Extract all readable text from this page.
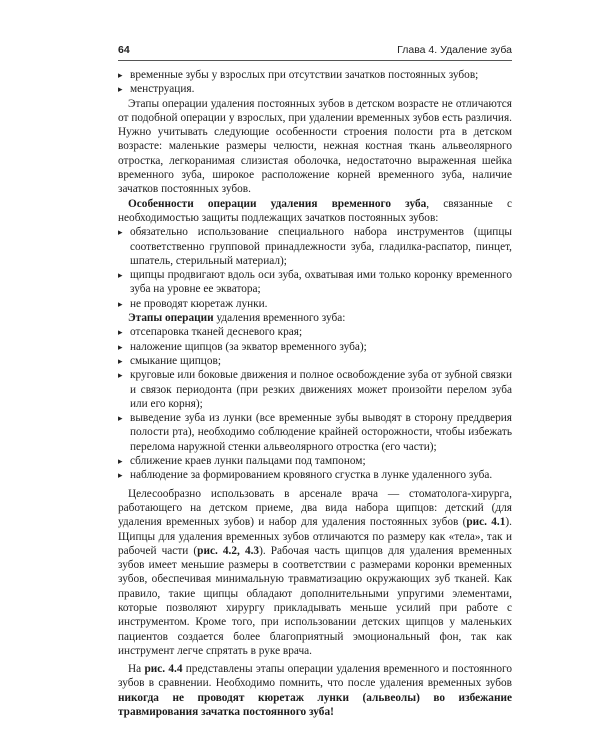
64	Глава 4. Удаление зуба
▸ временные зубы у взрослых при отсутствии зачатков постоянных зубов;
▸ менструация.

Этапы операции удаления постоянных зубов в детском возрасте не отличаются от подобной операции у взрослых, при удалении временных зубов есть различия. Нужно учитывать следующие особенности строения полости рта в детском возрасте: маленькие размеры челюсти, нежная костная ткань альвеолярного отростка, легкоранимая слизистая оболочка, недостаточно выраженная шейка временного зуба, широкое расположение корней временного зуба, наличие зачатков постоянных зубов.

Особенности операции удаления временного зуба, связанные с необходимостью защиты подлежащих зачатков постоянных зубов:

▸ обязательно использование специального набора инструментов (щипцы соответственно групповой принадлежности зуба, гладилка-распатор, пинцет, шпатель, стерильный материал);
▸ щипцы продвигают вдоль оси зуба, охватывая ими только коронку временного зуба на уровне ее экватора;
▸ не проводят кюретаж лунки.

Этапы операции удаления временного зуба:

▸ отсепаровка тканей десневого края;
▸ наложение щипцов (за экватор временного зуба);
▸ смыкание щипцов;
▸ круговые или боковые движения и полное освобождение зуба от зубной связки и связок периодонта (при резких движениях может произойти перелом зуба или его корня);
▸ выведение зуба из лунки (все временные зубы выводят в сторону преддверия полости рта), необходимо соблюдение крайней осторожности, чтобы избежать перелома наружной стенки альвеолярного отростка (его части);
▸ сближение краев лунки пальцами под тампоном;
▸ наблюдение за формированием кровяного сгустка в лунке удаленного зуба.

Целесообразно использовать в арсенале врача — стоматолога-хирурга, работающего на детском приеме, два вида набора щипцов: детский (для удаления временных зубов) и набор для удаления постоянных зубов (рис. 4.1). Щипцы для удаления временных зубов отличаются по размеру как «тела», так и рабочей части (рис. 4.2, 4.3). Рабочая часть щипцов для удаления временных зубов имеет меньшие размеры в соответствии с размерами коронки временных зубов, обеспечивая минимальную травматизацию окружающих зуб тканей. Как правило, такие щипцы обладают дополнительными упругими элементами, которые позволяют хирургу прикладывать меньше усилий при работе с инструментом. Кроме того, при использовании детских щипцов у маленьких пациентов создается более благоприятный эмоциональный фон, так как инструмент легче спрятать в руке врача.

На рис. 4.4 представлены этапы операции удаления временного и постоянного зубов в сравнении. Необходимо помнить, что после удаления временных зубов никогда не проводят кюретаж лунки (альвеолы) во избежание травмирования зачатка постоянного зуба!
